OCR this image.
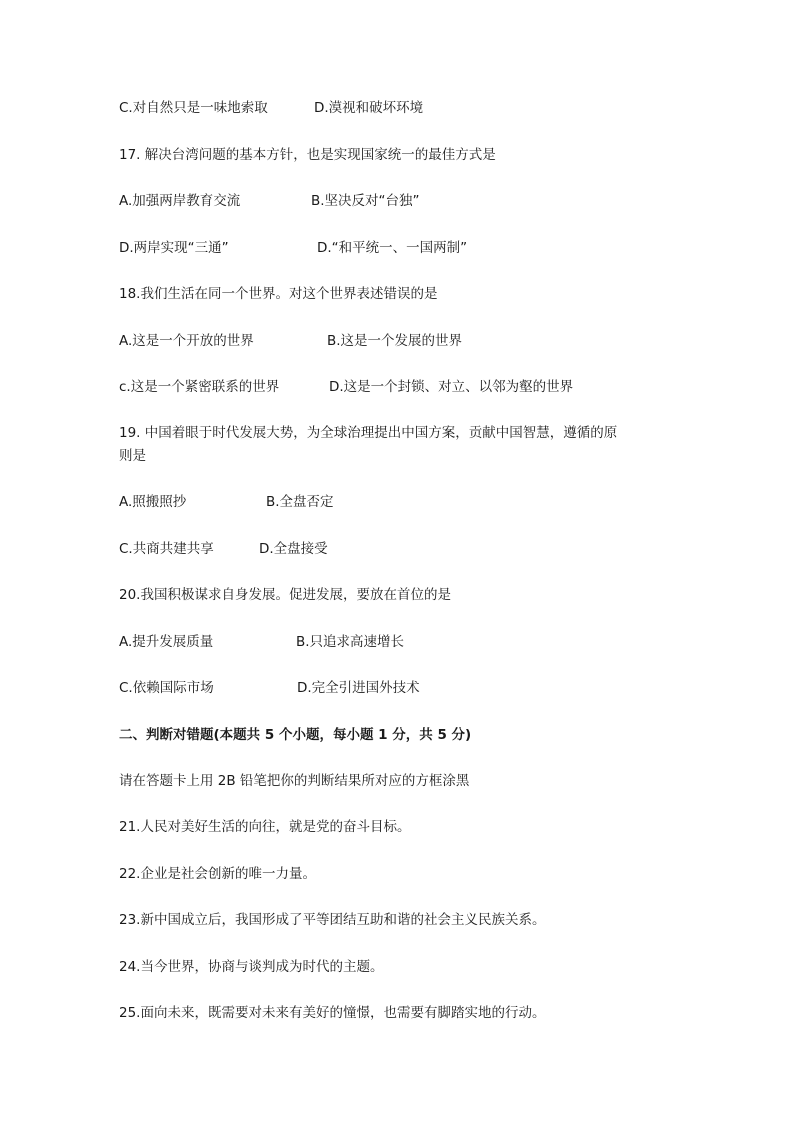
C.对自然只是一味地索取	D.漠视和破坏环境
17. 解决台湾问题的基本方针，也是实现国家统一的最佳方式是
A.加强两岸教育交流	B.坚决反对“台独”
D.两岸实现“三通”	D.“和平统一、一国两制”
18.我们生活在同一个世界。对这个世界表述错误的是
A.这是一个开放的世界	B.这是一个发展的世界
c.这是一个紧密联系的世界	D.这是一个封锁、对立、以邻为壑的世界
19. 中国着眼于时代发展大势，为全球治理提出中国方案，贡献中国智慧，遵循的原
则是
A.照搬照抄	B.全盘否定
C.共商共建共享	D.全盘接受
20.我国积极谋求自身发展。促进发展，要放在首位的是
A.提升发展质量	B.只追求高速增长
C.依赖国际市场	D.完全引进国外技术
二、判断对错题(本题共 5 个小题，每小题 1 分，共 5 分)
请在答题卡上用 2B 铅笔把你的判断结果所对应的方框涂黑
21.人民对美好生活的向往，就是党的奋斗目标。
22.企业是社会创新的唯一力量。
23.新中国成立后，我国形成了平等团结互助和谐的社会主义民族关系。
24.当今世界，协商与谈判成为时代的主题。
25.面向未来，既需要对未来有美好的憧憬，也需要有脚踏实地的行动。
